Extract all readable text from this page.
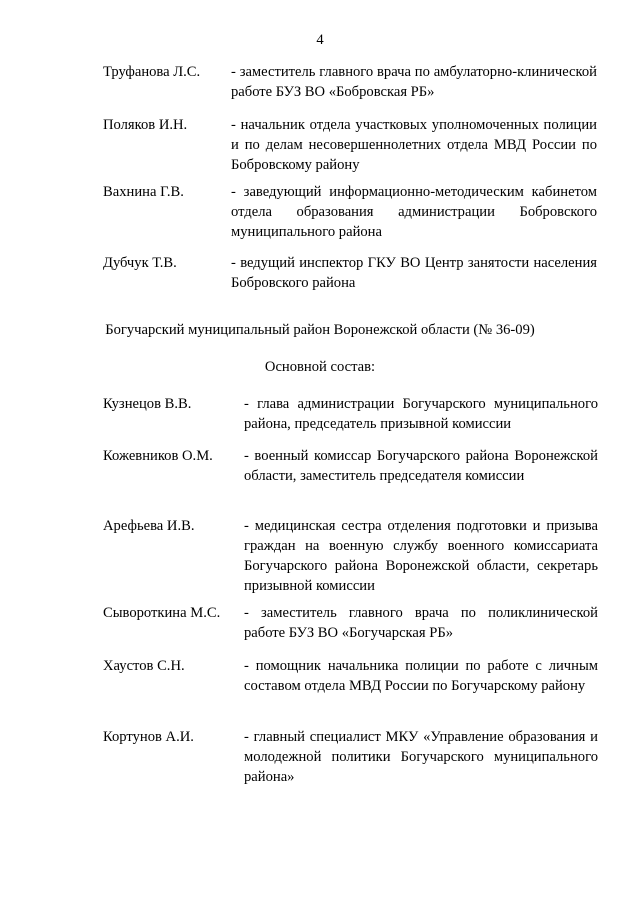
4
Труфанова Л.С. - заместитель главного врача по амбулаторно-клинической работе БУЗ ВО «Бобровская РБ»
Поляков И.Н.	- начальник отдела участковых уполномоченных полиции и по делам несовершеннолетних отдела МВД России по Бобровскому району
Вахнина Г.В.	- заведующий информационно-методическим кабинетом отдела образования администрации Бобровского муниципального района
Дубчук Т.В.	- ведущий инспектор ГКУ ВО Центр занятости населения Бобровского района
Богучарский муниципальный район Воронежской области (№ 36-09)
Основной состав:
Кузнецов В.В.	- глава администрации Богучарского муниципального района, председатель призывной комиссии
Кожевников О.М. - военный комиссар Богучарского района Воронежской области, заместитель председателя комиссии
Арефьева И.В.	- медицинская сестра отделения подготовки и призыва граждан на военную службу военного комиссариата Богучарского района Воронежской области, секретарь призывной комиссии
Сывороткина М.С. - заместитель главного врача по поликлинической работе БУЗ ВО «Богучарская РБ»
Хаустов С.Н.	- помощник начальника полиции по работе с личным составом отдела МВД России по Богучарскому району
Кортунов А.И.	- главный специалист МКУ «Управление образования и молодежной политики Богучарского муниципального района»
